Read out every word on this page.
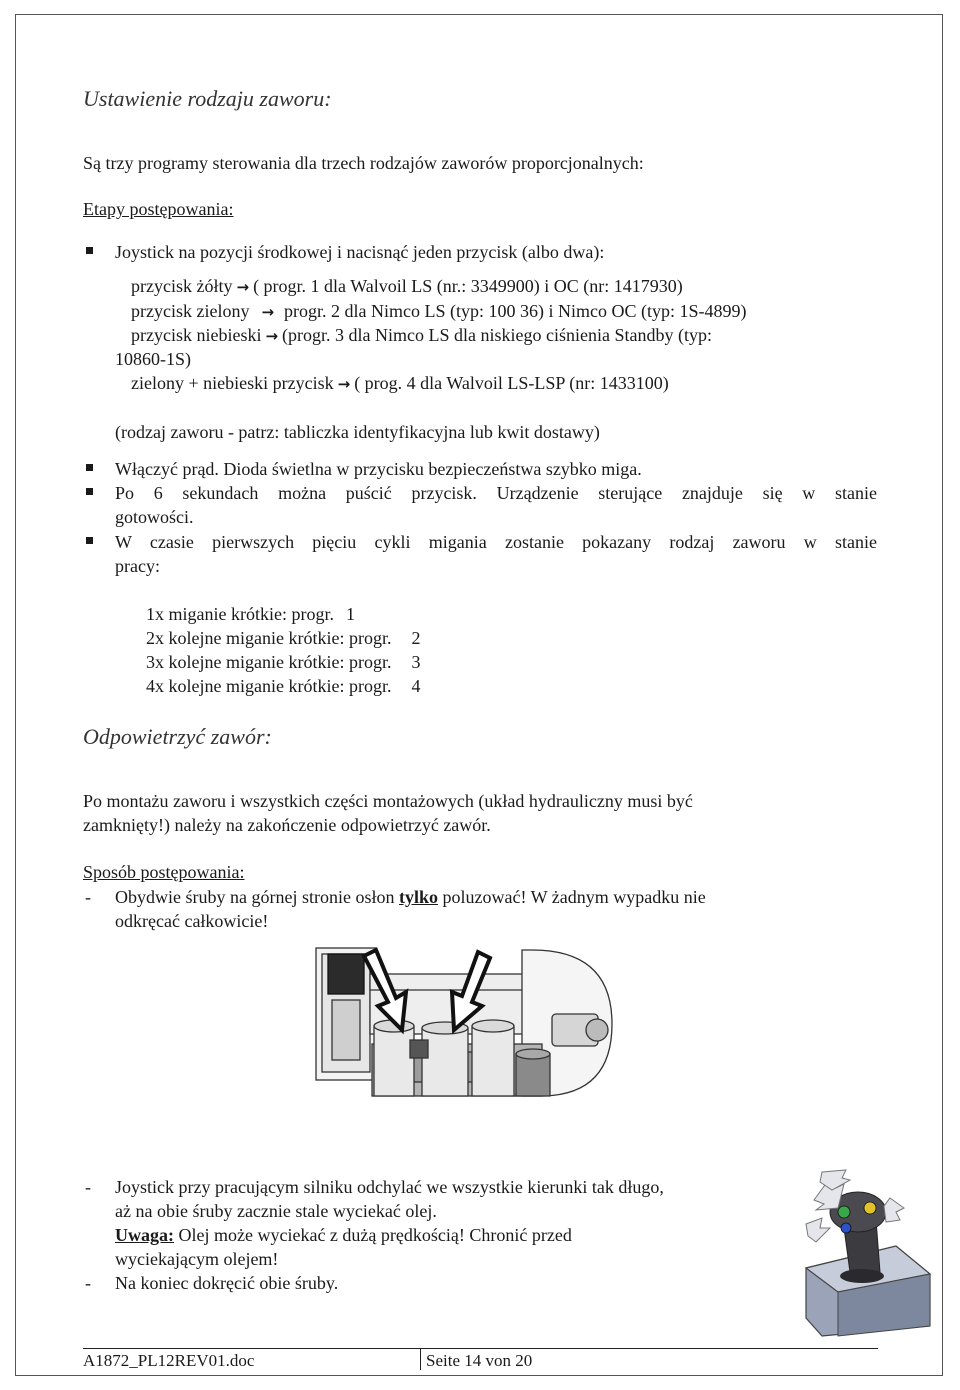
Ustawienie rodzaju zaworu:
Są trzy programy sterowania dla trzech rodzajów zaworów proporcjonalnych:
Etapy postępowania:
Joystick na pozycji środkowej i nacisnąć jeden przycisk (albo dwa):
przycisk żółty → ( progr. 1 dla Walvoil LS (nr.: 3349900) i OC (nr: 1417930)
przycisk zielony → progr. 2 dla Nimco LS (typ: 100 36) i Nimco OC (typ: 1S-4899)
przycisk niebieski → (progr. 3 dla Nimco LS dla niskiego ciśnienia Standby (typ:
10860-1S)
zielony + niebieski przycisk → ( prog. 4 dla Walvoil LS-LSP (nr: 1433100)
(rodzaj zaworu - patrz: tabliczka identyfikacyjna lub kwit dostawy)
Włączyć prąd. Dioda świetlna w przycisku bezpieczeństwa szybko miga.
Po 6 sekundach można puścić przycisk. Urządzenie sterujące znajduje się w stanie
gotowości.
W czasie pierwszych pięciu cykli migania zostanie pokazany rodzaj zaworu w stanie
pracy:
1x miganie krótkie: progr. 1
2x kolejne miganie krótkie: progr. 2
3x kolejne miganie krótkie: progr. 3
4x kolejne miganie krótkie: progr. 4
Odpowietrzyć zawór:
Po montażu zaworu i wszystkich części montażowych (układ hydrauliczny musi być
zamknięty!) należy na zakończenie odpowietrzyć zawór.
Sposób postępowania:
- Obydwie śruby na górnej stronie osłon tylko poluzować! W żadnym wypadku nie
odkręcać całkowicie!
- Joystick przy pracującym silniku odchylać we wszystkie kierunki tak długo,
aż na obie śruby zacznie stale wyciekać olej.
Uwaga: Olej może wyciekać z dużą prędkością! Chronić przed
wyciekającym olejem!
- Na koniec dokręcić obie śruby.
A1872_PL12REV01.doc	Seite 14 von 20
